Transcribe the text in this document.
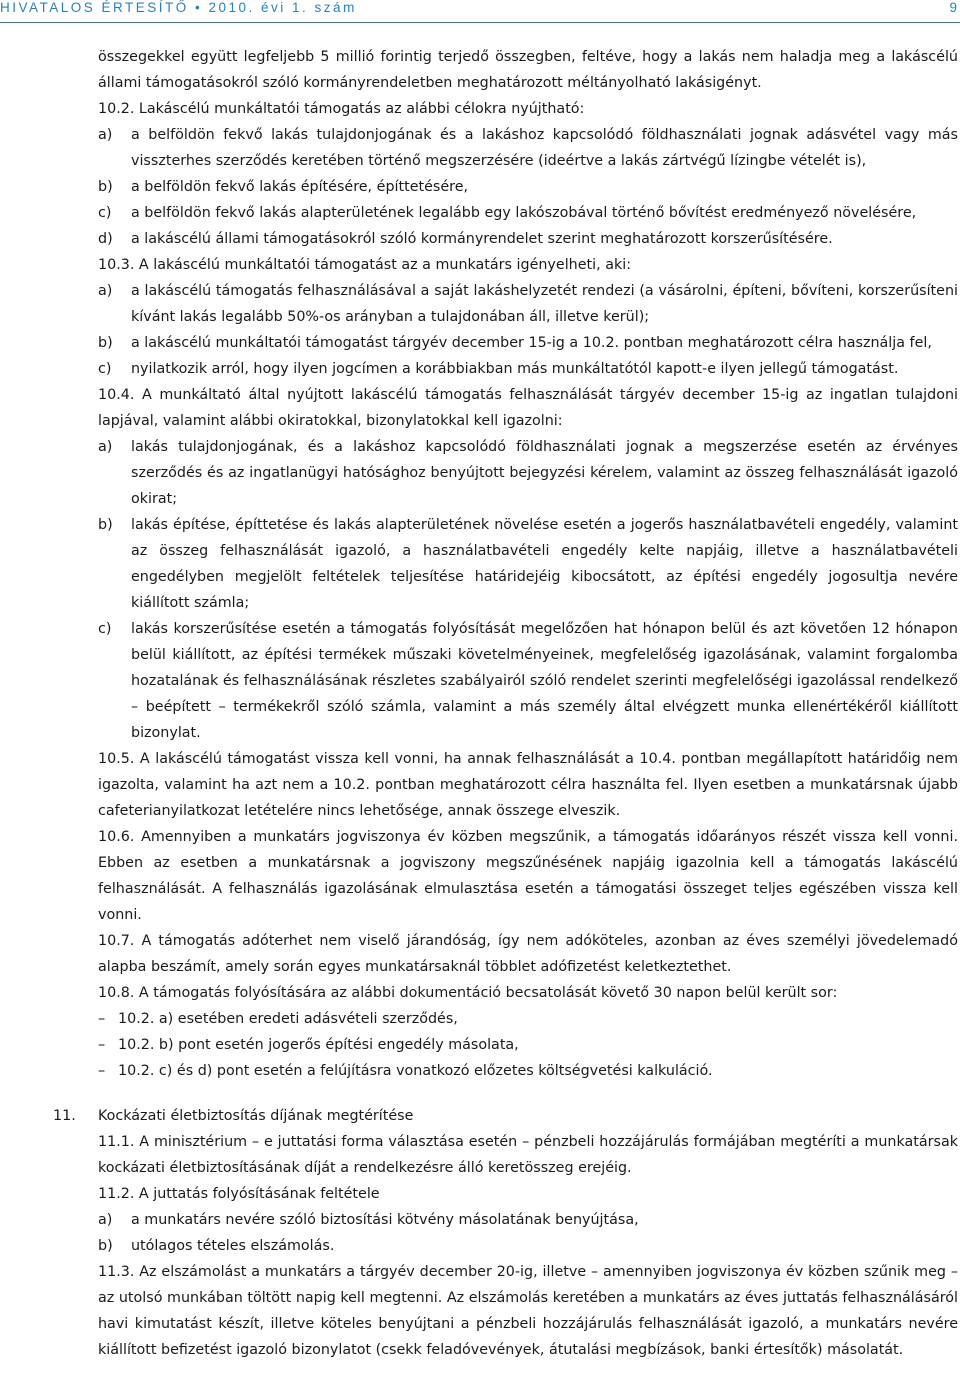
HIVATALOS ÉRTESÍTŐ • 2010. évi 1. szám	9

összegekkel együtt legfeljebb 5 millió forintig terjedő összegben, feltéve, hogy a lakás nem haladja meg a lakáscélú állami támogatásokról szóló kormányrendeletben meghatározott méltányolható lakásigényt.

10.2. Lakáscélú munkáltatói támogatás az alábbi célokra nyújtható:

a) a belföldön fekvő lakás tulajdonjogának és a lakáshoz kapcsolódó földhasználati jognak adásvétel vagy más visszterhes szerződés keretében történő megszerzésére (ideértve a lakás zártvégű lízingbe vételét is),
b) a belföldön fekvő lakás építésére, építtetésére,
c) a belföldön fekvő lakás alapterületének legalább egy lakószobával történő bővítést eredményező növelésére,
d) a lakáscélú állami támogatásokról szóló kormányrendelet szerint meghatározott korszerűsítésére.

10.3. A lakáscélú munkáltatói támogatást az a munkatárs igényelheti, aki:

a) a lakáscélú támogatás felhasználásával a saját lakáshelyzetét rendezi (a vásárolni, építeni, bővíteni, korszerűsíteni kívánt lakás legalább 50%-os arányban a tulajdonában áll, illetve kerül);
b) a lakáscélú munkáltatói támogatást tárgyév december 15-ig a 10.2. pontban meghatározott célra használja fel,
c) nyilatkozik arról, hogy ilyen jogcímen a korábbiakban más munkáltatótól kapott-e ilyen jellegű támogatást.

10.4. A munkáltató által nyújtott lakáscélú támogatás felhasználását tárgyév december 15-ig az ingatlan tulajdoni lapjával, valamint alábbi okiratokkal, bizonylatokkal kell igazolni:

a) lakás tulajdonjogának, és a lakáshoz kapcsolódó földhasználati jognak a megszerzése esetén az érvényes szerződés és az ingatlanügyi hatósághoz benyújtott bejegyzési kérelem, valamint az összeg felhasználását igazoló okirat;
b) lakás építése, építtetése és lakás alapterületének növelése esetén a jogerős használatbavételi engedély, valamint az összeg felhasználását igazoló, a használatbavételi engedély kelte napjáig, illetve a használatbavételi engedélyben megjelölt feltételek teljesítése határidejéig kibocsátott, az építési engedély jogosultja nevére kiállított számla;
c) lakás korszerűsítése esetén a támogatás folyósítását megelőzően hat hónapon belül és azt követően 12 hónapon belül kiállított, az építési termékek műszaki követelményeinek, megfelelőség igazolásának, valamint forgalomba hozatalának és felhasználásának részletes szabályairól szóló rendelet szerinti megfelelőségi igazolással rendelkező – beépített – termékekről szóló számla, valamint a más személy által elvégzett munka ellenértékéről kiállított bizonylat.

10.5. A lakáscélú támogatást vissza kell vonni, ha annak felhasználását a 10.4. pontban megállapított határidőig nem igazolta, valamint ha azt nem a 10.2. pontban meghatározott célra használta fel. Ilyen esetben a munkatársnak újabb cafeterianyilatkozat letételére nincs lehetősége, annak összege elveszik.

10.6. Amennyiben a munkatárs jogviszonya év közben megszűnik, a támogatás időarányos részét vissza kell vonni. Ebben az esetben a munkatársnak a jogviszony megszűnésének napjáig igazolnia kell a támogatás lakáscélú felhasználását. A felhasználás igazolásának elmulasztása esetén a támogatási összeget teljes egészében vissza kell vonni.

10.7. A támogatás adóterhet nem viselő járandóság, így nem adóköteles, azonban az éves személyi jövedelemadó alapba beszámít, amely során egyes munkatársaknál többlet adófizetést keletkeztethet.

10.8. A támogatás folyósítására az alábbi dokumentáció becsatolását követő 30 napon belül került sor:

– 10.2. a) esetében eredeti adásvételi szerződés,
– 10.2. b) pont esetén jogerős építési engedély másolata,
– 10.2. c) és d) pont esetén a felújításra vonatkozó előzetes költségvetési kalkuláció.
11. Kockázati életbiztosítás díjának megtérítése

11.1. A minisztérium – e juttatási forma választása esetén – pénzbeli hozzájárulás formájában megtéríti a munkatársak kockázati életbiztosításának díját a rendelkezésre álló keretösszeg erejéig.

11.2. A juttatás folyósításának feltétele

a) a munkatárs nevére szóló biztosítási kötvény másolatának benyújtása,
b) utólagos tételes elszámolás.

11.3. Az elszámolást a munkatárs a tárgyév december 20-ig, illetve – amennyiben jogviszonya év közben szűnik meg – az utolsó munkában töltött napig kell megtenni. Az elszámolás keretében a munkatárs az éves juttatás felhasználásáról havi kimutatást készít, illetve köteles benyújtani a pénzbeli hozzájárulás felhasználását igazoló, a munkatárs nevére kiállított befizetést igazoló bizonylatot (csekk feladóvevények, átutalási megbízások, banki értesítők) másolatát.
